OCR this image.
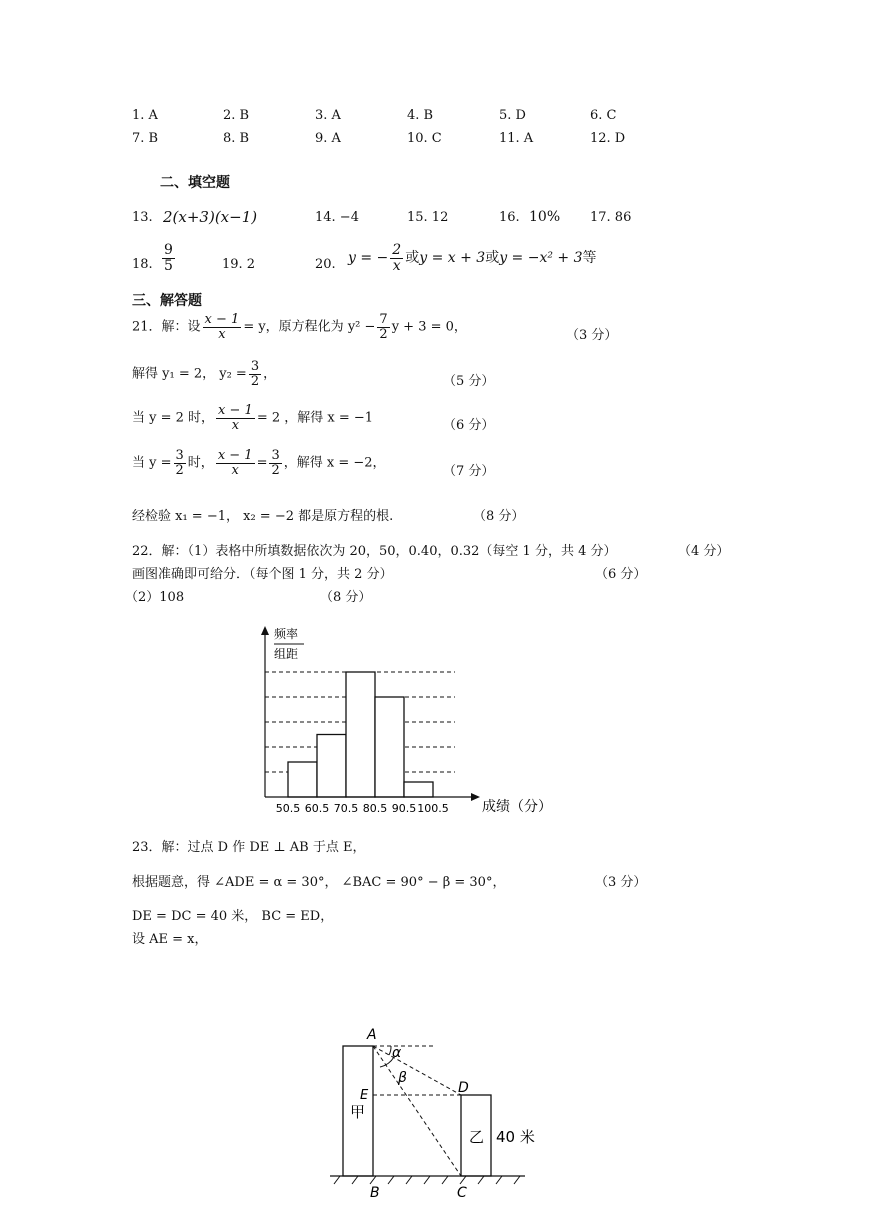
1. A	2. B	3. A	4. B	5. D	6. C
7. B	8. B	9. A	10. C	11. A	12. D
二、填空题
13. 2(x+3)(x−1)	14. −4	15. 12	16. 10% 17. 86
18. $\frac{9}{5}$	19. 2	20. y = − $\frac{2}{x}$ 或y = x + 3或y = −x² + 3等
三、解答题
21．解：设 $\frac{x - 1}{x} = y$，原方程化为 $y^2 - \frac{7}{2}$ y + 3 = 0，
（3 分）
解得 y₁ = 2， $y_2 = \frac{3}{2}$ ，	（5 分）
当 y = 2 时， $\frac{x - 1}{x} = 2$ ，解得 x = −1	（6 分）
当 $y = \frac{3}{2}$ 时， $\frac{x - 1}{x} = \frac{3}{2}$ ，解得 x = −2，
（7 分）
经检验 x₁ = −1， x₂ = −2 都是原方程的根.	（8 分）
22．解：（1）表格中所填数据依次为 20，50，0.40，0.32（每空 1 分，共 4 分）	（4 分）
画图准确即可给分．（每个图 1 分，共 2 分）	（6 分）
（2）108	（8 分）
频率
组距
50.5 60.5 70.5 80.5 90.5 100.5 成绩（分）
23．解：过点 D 作 DE ⊥ AB 于点 E，
根据题意，得 ∠ADE = α = 30°， ∠BAC = 90° − β = 30°，	（3 分）
DE = DC = 40 米， BC = ED，
设 AE = x，
A
α
β
D
E
甲
乙 40 米
B	C
